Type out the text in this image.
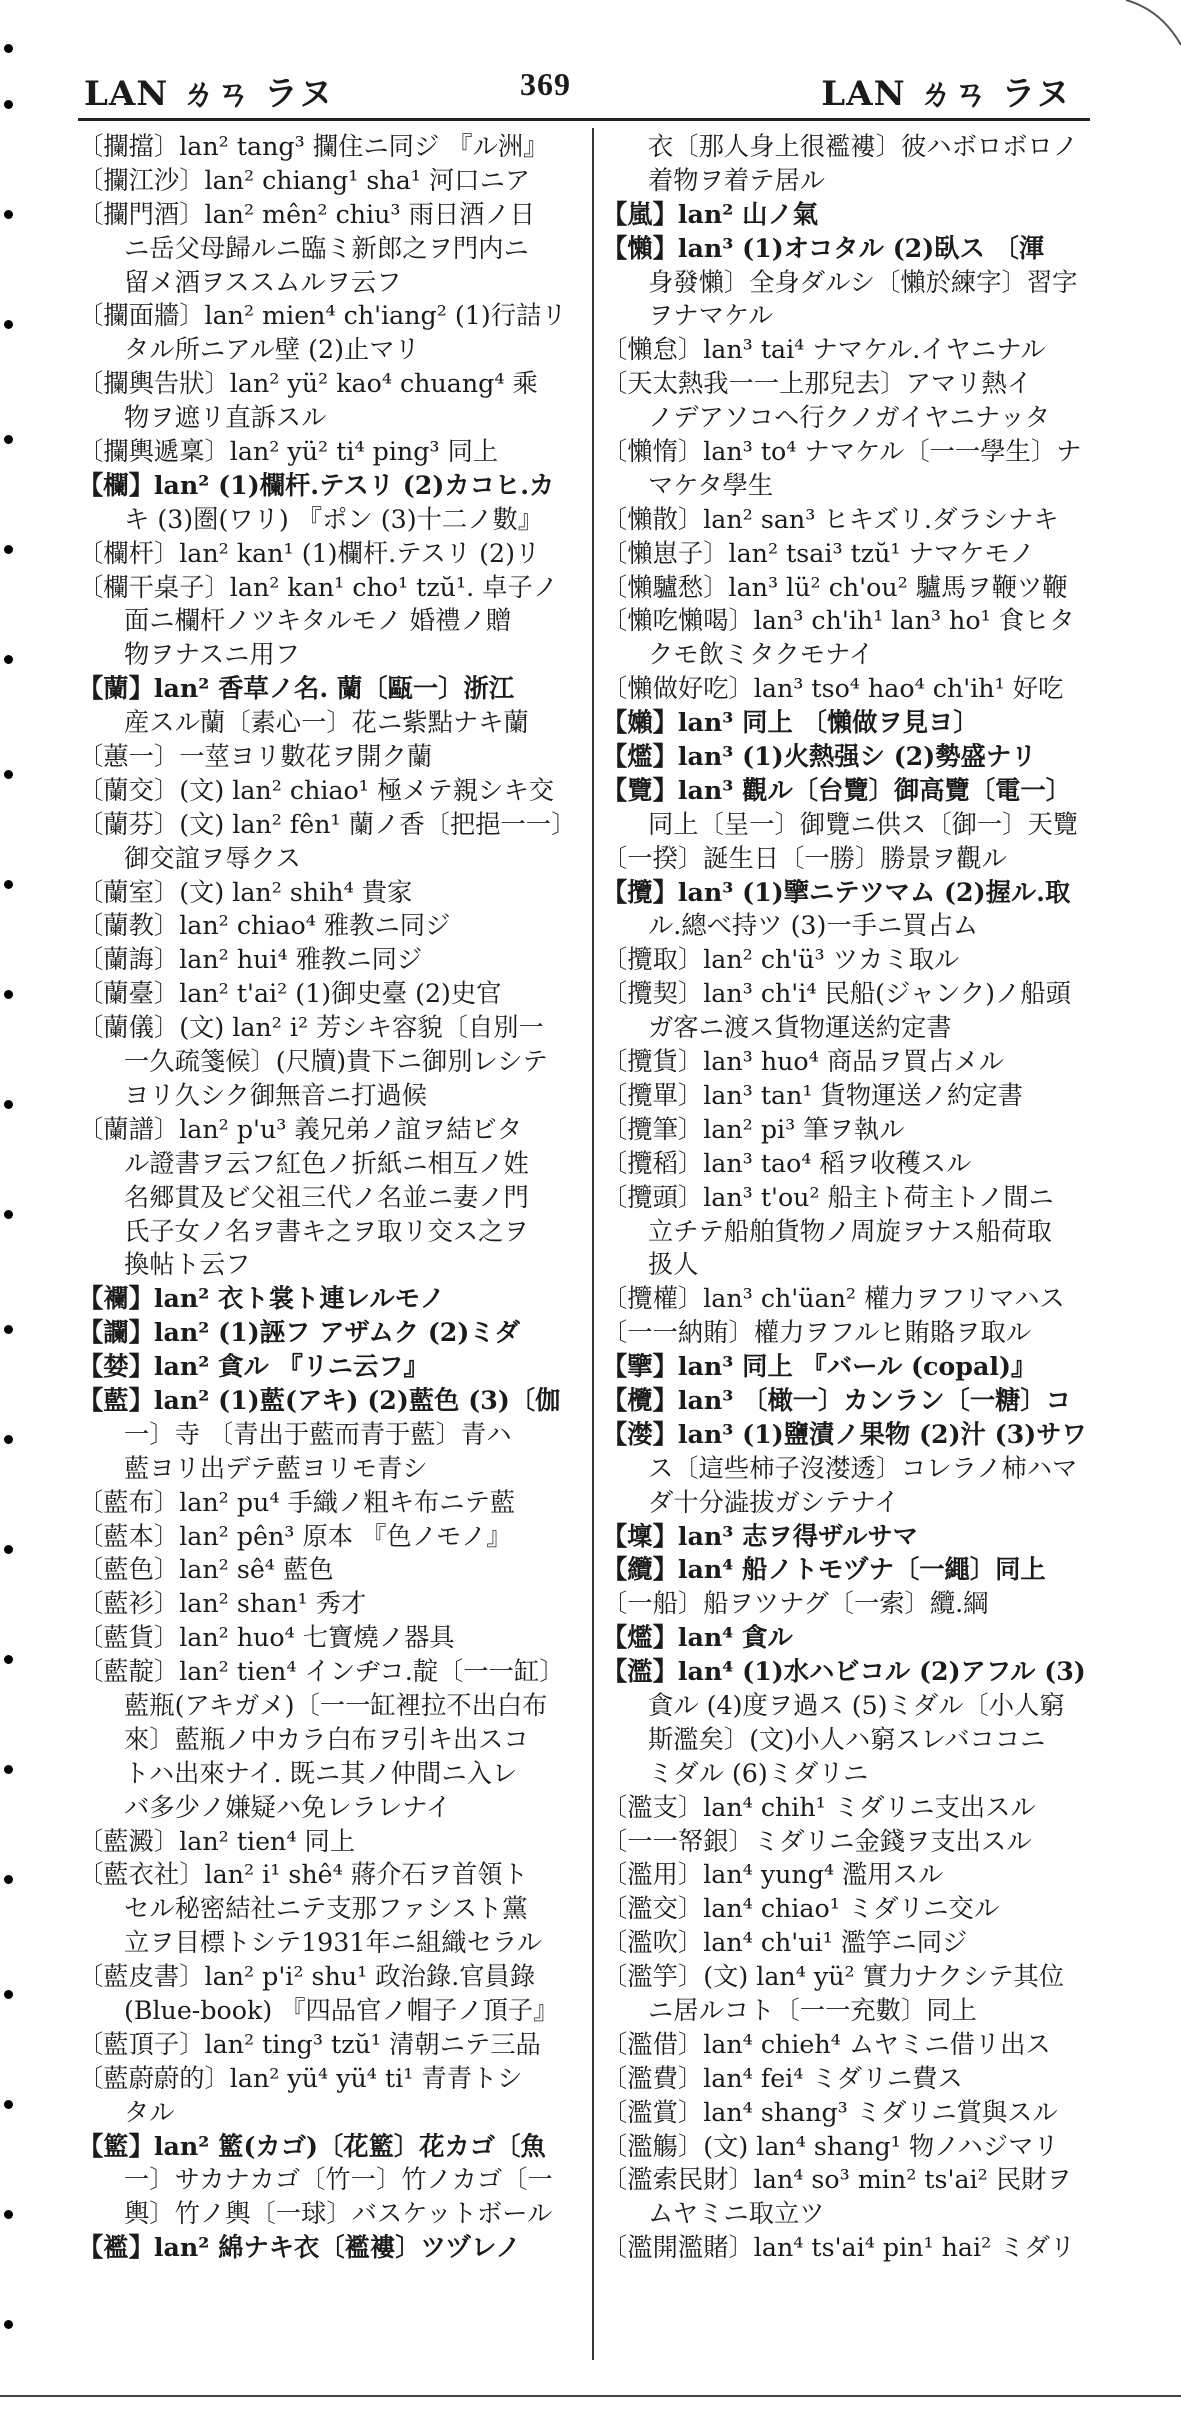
LAN ㄌㄢ ラヌ	369	LAN ㄌㄢ ラヌ
〔攔擋〕lan² tang³ 攔住ニ同ジ 『ル洲』
〔攔江沙〕lan² chiang¹ sha¹ 河口ニア
〔攔門酒〕lan² mên² chiu³ 雨日酒ノ日
ニ岳父母歸ルニ臨ミ新郎之ヲ門内ニ
留メ酒ヲススムルヲ云フ
〔攔面牆〕lan² mien⁴ ch'iang² (1)行詰リ
タル所ニアル壁 (2)止マリ
〔攔輿告狀〕lan² yü² kao⁴ chuang⁴ 乘
物ヲ遮リ直訴スル
〔攔輿遞稟〕lan² yü² ti⁴ ping³ 同上
【欄】lan² (1)欄杆.テスリ (2)カコヒ.カ
キ (3)圏(ワリ) 『ポン (3)十二ノ數』
〔欄杆〕lan² kan¹ (1)欄杆.テスリ (2)リ
〔欄干桌子〕lan² kan¹ cho¹ tzŭ¹. 卓子ノ
面ニ欄杆ノツキタルモノ 婚禮ノ贈
物ヲナスニ用フ
【蘭】lan² 香草ノ名. 蘭〔甌一〕浙江
産スル蘭〔素心一〕花ニ紫點ナキ蘭
〔蕙一〕一莖ヨリ數花ヲ開ク蘭
〔蘭交〕(文) lan² chiao¹ 極メテ親シキ交
〔蘭芬〕(文) lan² fên¹ 蘭ノ香〔把挹一一〕
御交誼ヲ辱クス
〔蘭室〕(文) lan² shih⁴ 貴家
〔蘭教〕lan² chiao⁴ 雅教ニ同ジ
〔蘭誨〕lan² hui⁴ 雅教ニ同ジ
〔蘭臺〕lan² t'ai² (1)御史臺 (2)史官
〔蘭儀〕(文) lan² i² 芳シキ容貌〔自別一
一久疏箋候〕(尺牘)貴下ニ御別レシテ
ヨリ久シク御無音ニ打過候
〔蘭譜〕lan² p'u³ 義兄弟ノ誼ヲ結ビタ
ル證書ヲ云フ紅色ノ折紙ニ相互ノ姓
名郷貫及ビ父祖三代ノ名並ニ妻ノ門
氏子女ノ名ヲ書キ之ヲ取リ交ス之ヲ
換帖ト云フ
【襴】lan² 衣ト裳ト連レルモノ
【讕】lan² (1)誣フ アザムク (2)ミダ
【婪】lan² 貪ル 『リニ云フ』
【藍】lan² (1)藍(アキ) (2)藍色 (3)〔伽
一〕寺 〔青出于藍而青于藍〕青ハ
藍ヨリ出デテ藍ヨリモ青シ
〔藍布〕lan² pu⁴ 手織ノ粗キ布ニテ藍
〔藍本〕lan² pên³ 原本 『色ノモノ』
〔藍色〕lan² sê⁴ 藍色
〔藍衫〕lan² shan¹ 秀才
〔藍貨〕lan² huo⁴ 七寶燒ノ器具
〔藍靛〕lan² tien⁴ インヂコ.靛〔一一缸〕
藍瓶(アキガメ)〔一一缸裡拉不出白布
來〕藍瓶ノ中カラ白布ヲ引キ出スコ
トハ出來ナイ. 既ニ其ノ仲間ニ入レ
バ多少ノ嫌疑ハ免レラレナイ
〔藍澱〕lan² tien⁴ 同上
〔藍衣社〕lan² i¹ shê⁴ 蔣介石ヲ首領ト
セル秘密結社ニテ支那ファシスト黨
立ヲ目標トシテ1931年ニ組織セラル
〔藍皮書〕lan² p'i² shu¹ 政治錄.官員錄
(Blue-book) 『四品官ノ帽子ノ頂子』
〔藍頂子〕lan² ting³ tzŭ¹ 清朝ニテ三品
〔藍蔚蔚的〕lan² yü⁴ yü⁴ ti¹ 青青トシ
タル
【籃】lan² 籃(カゴ)〔花籃〕花カゴ〔魚
一〕サカナカゴ〔竹一〕竹ノカゴ〔一
輿〕竹ノ輿〔一球〕バスケットボール
【襤】lan² 綿ナキ衣〔襤褸〕ツヅレノ
衣〔那人身上很襤褸〕彼ハボロボロノ
着物ヲ着テ居ル
【嵐】lan² 山ノ氣
【懶】lan³ (1)オコタル (2)臥ス 〔渾
身發懶〕全身ダルシ〔懶於練字〕習字
ヲナマケル
〔懶怠〕lan³ tai⁴ ナマケル.イヤニナル
〔天太熱我一一上那兒去〕アマリ熱イ
ノデアソコヘ行クノガイヤニナッタ
〔懶惰〕lan³ to⁴ ナマケル〔一一學生〕ナ
マケタ學生
〔懶散〕lan² san³ ヒキズリ.ダラシナキ
〔懶崽子〕lan² tsai³ tzŭ¹ ナマケモノ
〔懶驢愁〕lan³ lü² ch'ou² 驢馬ヲ鞭ツ鞭
〔懶吃懶喝〕lan³ ch'ih¹ lan³ ho¹ 食ヒタ
クモ飲ミタクモナイ
〔懶做好吃〕lan³ tso⁴ hao⁴ ch'ih¹ 好吃
【嬾】lan³ 同上 〔懶做ヲ見ヨ〕
【爁】lan³ (1)火熱强シ (2)勢盛ナリ
【覽】lan³ 觀ル〔台覽〕御高覽〔電一〕
同上〔呈一〕御覽ニ供ス〔御一〕天覽
〔一揆〕誕生日〔一勝〕勝景ヲ觀ル
【攬】lan³ (1)擥ニテツマム (2)握ル.取
ル.總べ持ツ (3)一手ニ買占ム
〔攬取〕lan² ch'ü³ ツカミ取ル
〔攬契〕lan³ ch'i⁴ 民船(ジャンク)ノ船頭
ガ客ニ渡ス貨物運送約定書
〔攬貨〕lan³ huo⁴ 商品ヲ買占メル
〔攬單〕lan³ tan¹ 貨物運送ノ約定書
〔攬筆〕lan² pi³ 筆ヲ執ル
〔攬稻〕lan³ tao⁴ 稻ヲ收穫スル
〔攬頭〕lan³ t'ou² 船主ト荷主トノ間ニ
立チテ船舶貨物ノ周旋ヲナス船荷取
扱人
〔攬權〕lan³ ch'üan² 權力ヲフリマハス
〔一一納賄〕權力ヲフルヒ賄賂ヲ取ル
【擥】lan³ 同上 『バール (copal)』
【欖】lan³ 〔橄一〕カンラン〔一糖〕コ
【漤】lan³ (1)鹽漬ノ果物 (2)汁 (3)サワ
ス〔這些柿子沒漤透〕コレラノ柿ハマ
ダ十分澁拔ガシテナイ
【壈】lan³ 志ヲ得ザルサマ
【纜】lan⁴ 船ノトモヅナ〔一繩〕同上
〔一船〕船ヲツナグ〔一索〕纜.綱
【爁】lan⁴ 貪ル
【濫】lan⁴ (1)水ハビコル (2)アフル (3)
貪ル (4)度ヲ過ス (5)ミダル〔小人窮
斯濫矣〕(文)小人ハ窮スレバココニ
ミダル (6)ミダリニ
〔濫支〕lan⁴ chih¹ ミダリニ支出スル
〔一一帑銀〕ミダリニ金錢ヲ支出スル
〔濫用〕lan⁴ yung⁴ 濫用スル
〔濫交〕lan⁴ chiao¹ ミダリニ交ル
〔濫吹〕lan⁴ ch'ui¹ 濫竽ニ同ジ
〔濫竽〕(文) lan⁴ yü² 實力ナクシテ其位
ニ居ルコト〔一一充數〕同上
〔濫借〕lan⁴ chieh⁴ ムヤミニ借リ出ス
〔濫費〕lan⁴ fei⁴ ミダリニ費ス
〔濫賞〕lan⁴ shang³ ミダリニ賞與スル
〔濫觴〕(文) lan⁴ shang¹ 物ノハジマリ
〔濫索民財〕lan⁴ so³ min² ts'ai² 民財ヲ
ムヤミニ取立ツ
〔濫開濫賭〕lan⁴ ts'ai⁴ pin¹ hai² ミダリ
